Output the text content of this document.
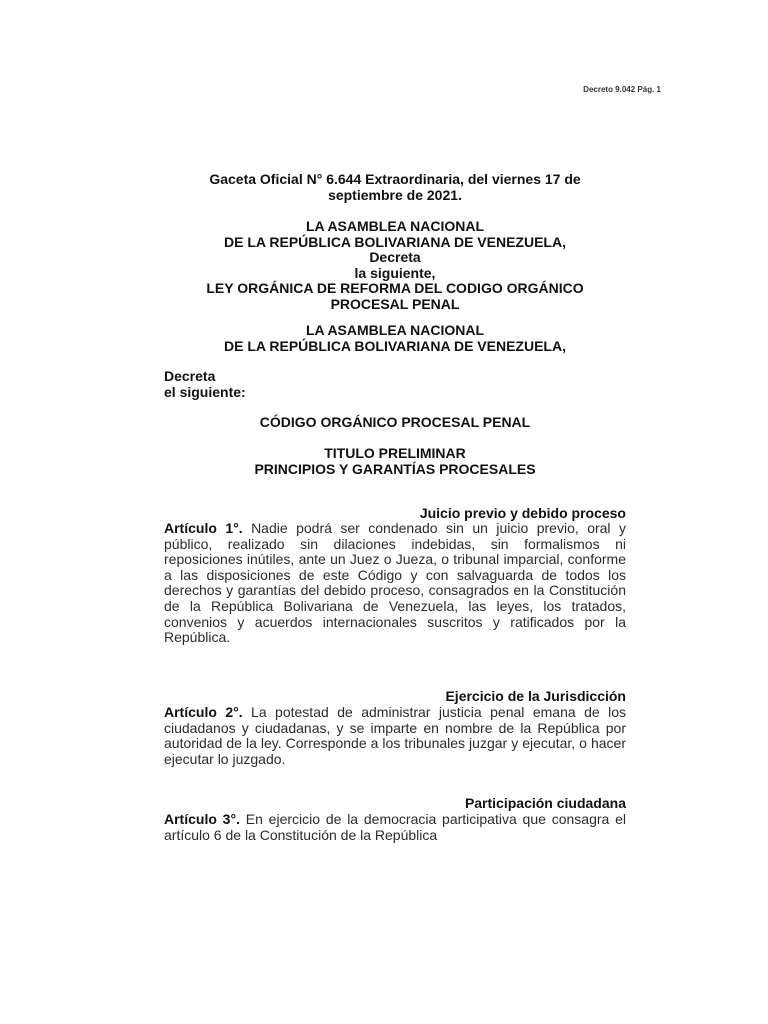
Decreto 9.042 Pág. 1
Gaceta Oficial N° 6.644 Extraordinaria, del viernes 17 de
septiembre de 2021.
LA ASAMBLEA NACIONAL
DE LA REPÚBLICA BOLIVARIANA DE VENEZUELA,
Decreta
la siguiente,
LEY ORGÁNICA DE REFORMA DEL CODIGO ORGÁNICO
PROCESAL PENAL
LA ASAMBLEA NACIONAL
DE LA REPÚBLICA BOLIVARIANA DE VENEZUELA,
Decreta
el siguiente:
CÓDIGO ORGÁNICO PROCESAL PENAL
TITULO PRELIMINAR
PRINCIPIOS Y GARANTÍAS PROCESALES
Juicio previo y debido proceso
Artículo 1°. Nadie podrá ser condenado sin un juicio previo, oral y público, realizado sin dilaciones indebidas, sin formalismos ni reposiciones inútiles, ante un Juez o Jueza, o tribunal imparcial, conforme a las disposiciones de este Código y con salvaguarda de todos los derechos y garantías del debido proceso, consagrados en la Constitución de la República Bolivariana de Venezuela, las leyes, los tratados, convenios y acuerdos internacionales suscritos y ratificados por la República.
Ejercicio de la Jurisdicción
Artículo 2°. La potestad de administrar justicia penal emana de los ciudadanos y ciudadanas, y se imparte en nombre de la República por autoridad de la ley. Corresponde a los tribunales juzgar y ejecutar, o hacer ejecutar lo juzgado.
Participación ciudadana
Artículo 3°. En ejercicio de la democracia participativa que consagra el artículo 6 de la Constitución de la República
